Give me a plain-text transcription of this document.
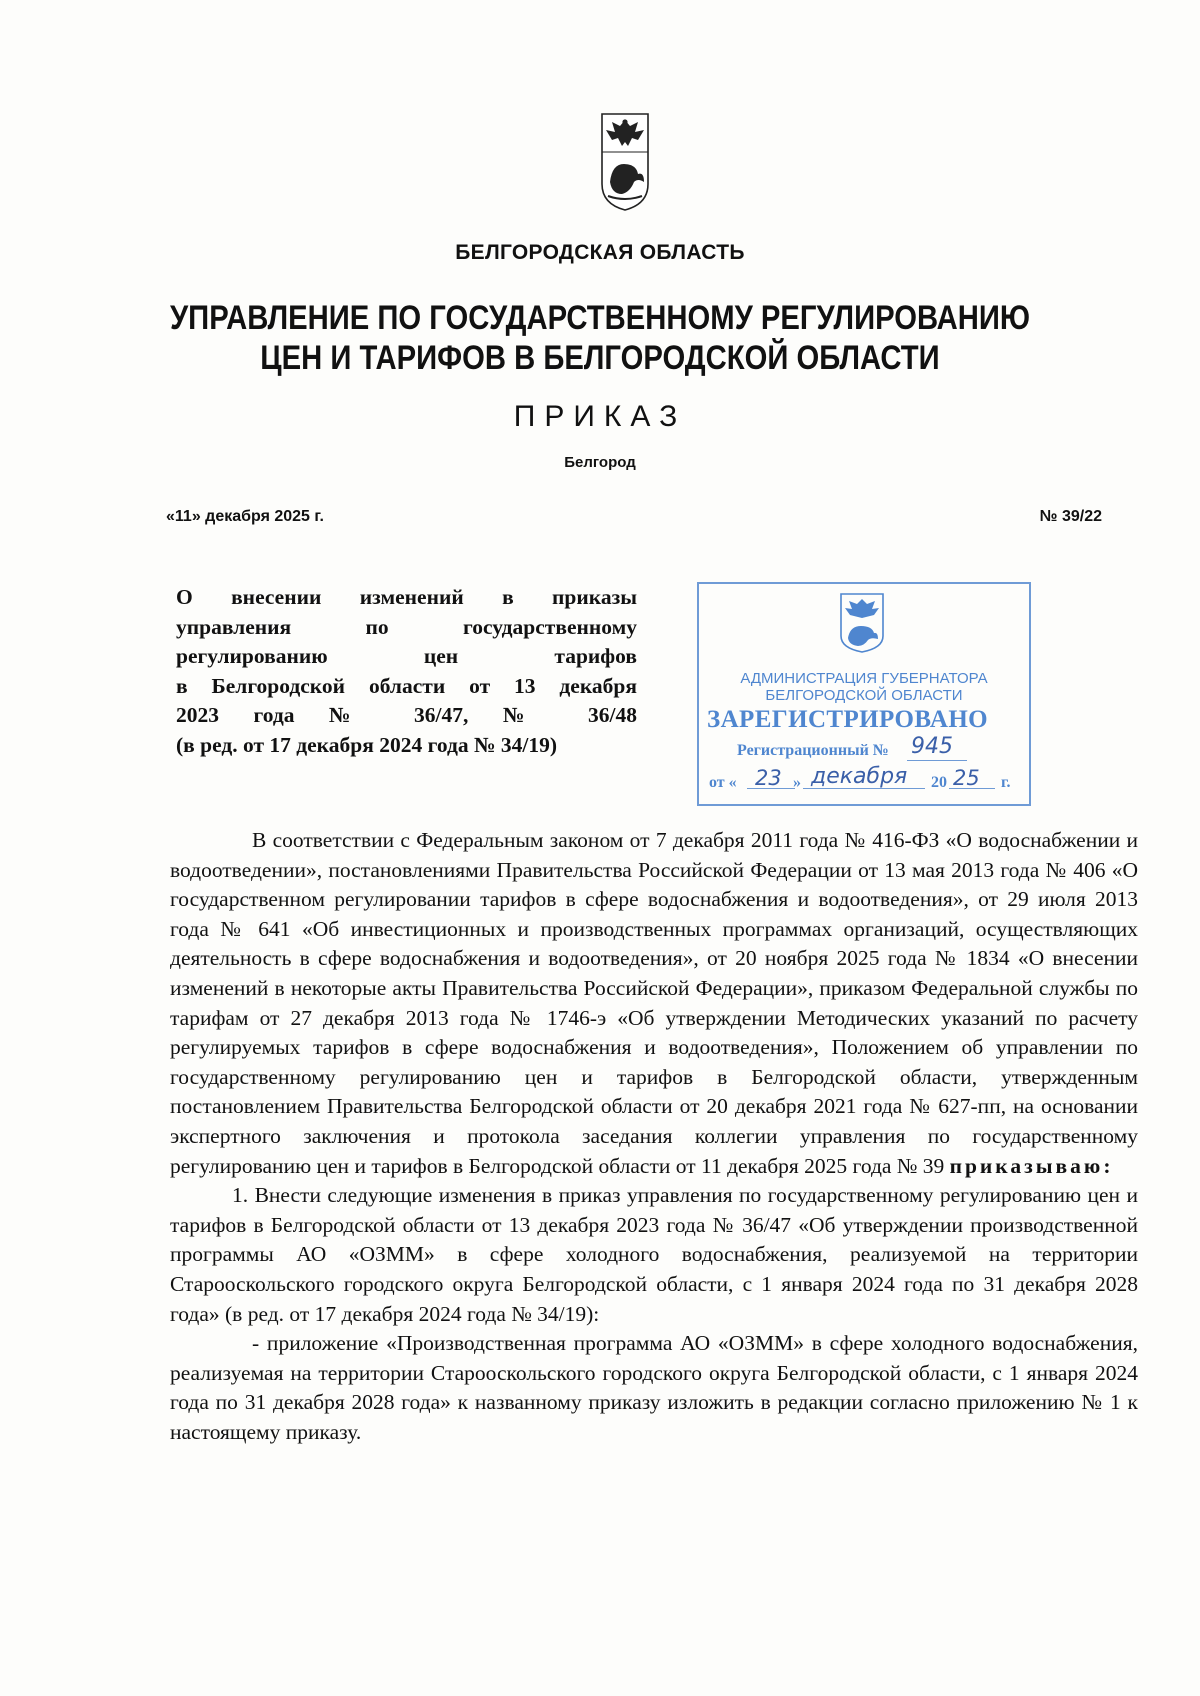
БЕЛГОРОДСКАЯ ОБЛАСТЬ
УПРАВЛЕНИЕ ПО ГОСУДАРСТВЕННОМУ РЕГУЛИРОВАНИЮ
ЦЕН И ТАРИФОВ В БЕЛГОРОДСКОЙ ОБЛАСТИ
ПРИКАЗ
Белгород
«11» декабря 2025 г.	№ 39/22
О внесении изменений в приказы
управления по государственному
регулированию цен тарифов
в Белгородской области от 13 декабря
2023 года № 36/47, № 36/48
(в ред. от 17 декабря 2024 года № 34/19)
АДМИНИСТРАЦИЯ ГУБЕРНАТОРА
БЕЛГОРОДСКОЙ ОБЛАСТИ
ЗАРЕГИСТРИРОВАНО
Регистрационный № 945
от « 23 » декабря 20 25 г.

В соответствии с Федеральным законом от 7 декабря 2011 года № 416-ФЗ «О водоснабжении и водоотведении», постановлениями Правительства Российской Федерации от 13 мая 2013 года № 406 «О государственном регулировании тарифов в сфере водоснабжения и водоотведения», от 29 июля 2013 года № 641 «Об инвестиционных и производственных программах организаций, осуществляющих деятельность в сфере водоснабжения и водоотведения», от 20 ноября 2025 года № 1834 «О внесении изменений в некоторые акты Правительства Российской Федерации», приказом Федеральной службы по тарифам от 27 декабря 2013 года № 1746-э «Об утверждении Методических указаний по расчету регулируемых тарифов в сфере водоснабжения и водоотведения», Положением об управлении по государственному регулированию цен и тарифов в Белгородской области, утвержденным постановлением Правительства Белгородской области от 20 декабря 2021 года № 627-пп, на основании экспертного заключения и протокола заседания коллегии управления по государственному регулированию цен и тарифов в Белгородской области от 11 декабря 2025 года № 39 приказываю:

1. Внести следующие изменения в приказ управления по государственному регулированию цен и тарифов в Белгородской области от 13 декабря 2023 года № 36/47 «Об утверждении производственной программы АО «ОЗММ» в сфере холодного водоснабжения, реализуемой на территории Старооскольского городского округа Белгородской области, с 1 января 2024 года по 31 декабря 2028 года» (в ред. от 17 декабря 2024 года № 34/19):

- приложение «Производственная программа АО «ОЗММ» в сфере холодного водоснабжения, реализуемая на территории Старооскольского городского округа Белгородской области, с 1 января 2024 года по 31 декабря 2028 года» к названному приказу изложить в редакции согласно приложению № 1 к настоящему приказу.
